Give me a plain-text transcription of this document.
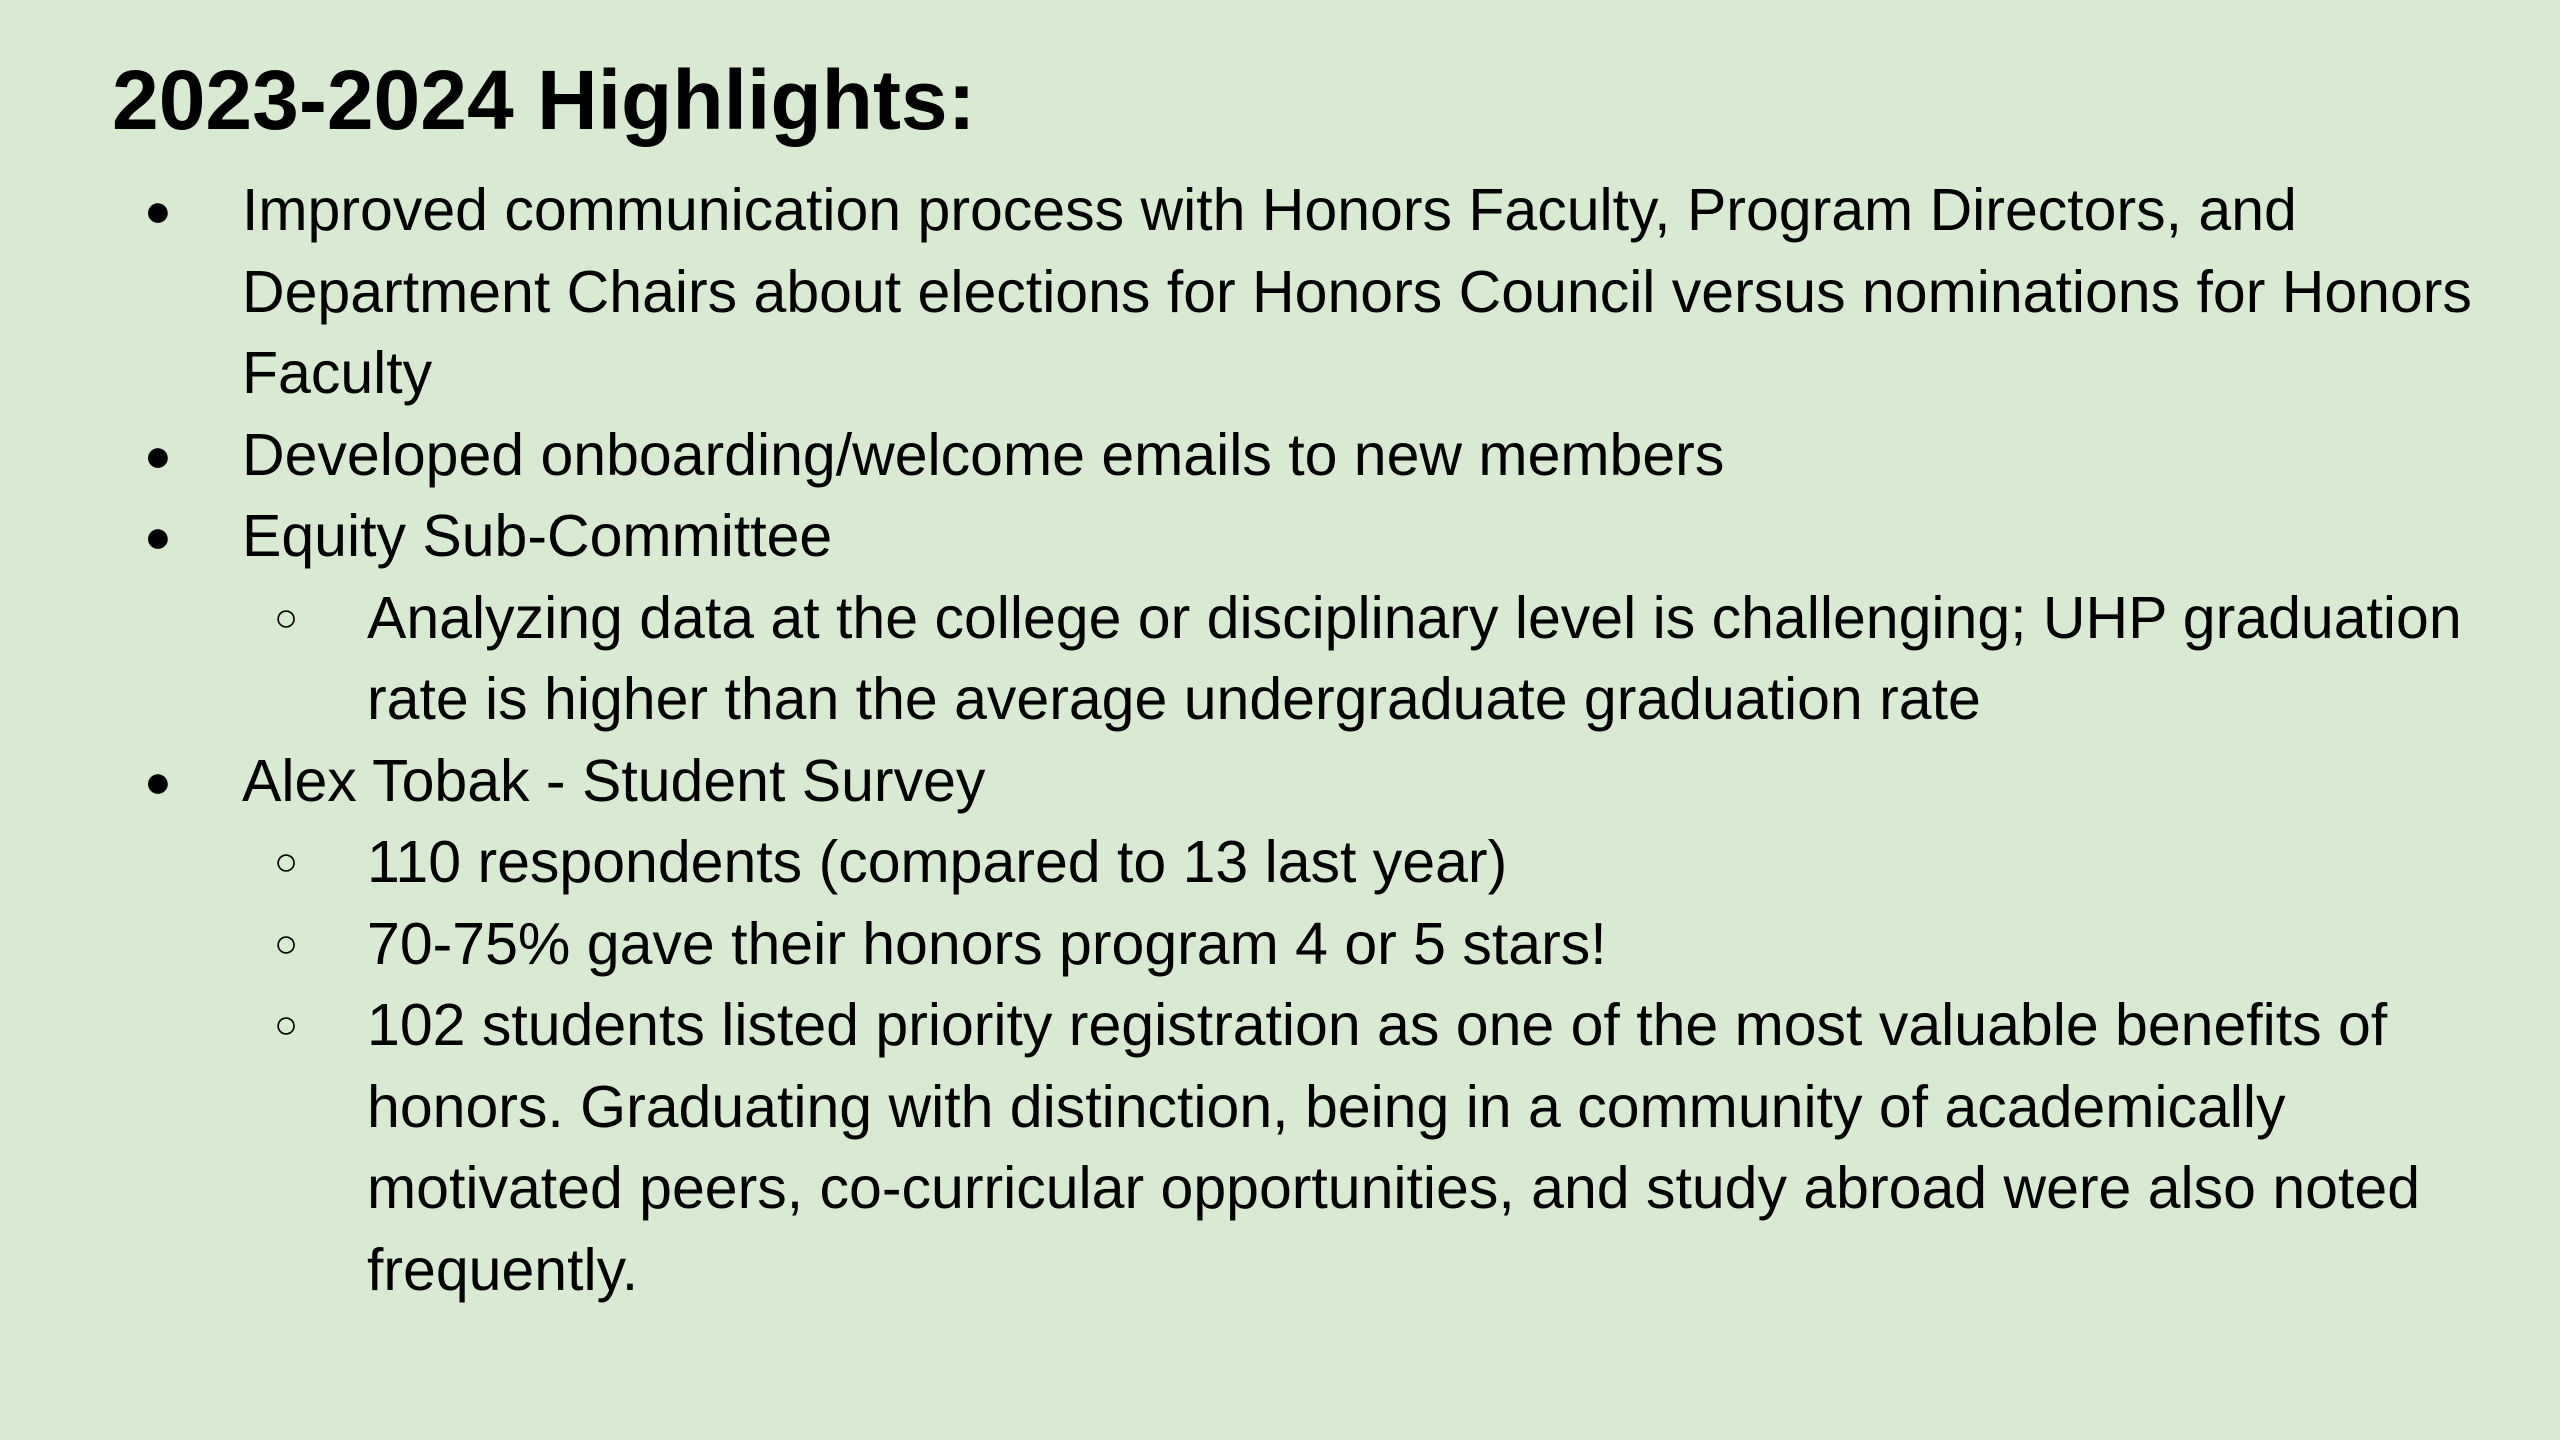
2023-2024 Highlights:
● Improved communication process with Honors Faculty, Program Directors, and Department Chairs about elections for Honors Council versus nominations for Honors Faculty
● Developed onboarding/welcome emails to new members
● Equity Sub-Committee
○ Analyzing data at the college or disciplinary level is challenging; UHP graduation rate is higher than the average undergraduate graduation rate
● Alex Tobak - Student Survey
○ 110 respondents (compared to 13 last year)
○ 70-75% gave their honors program 4 or 5 stars!
○ 102 students listed priority registration as one of the most valuable benefits of honors. Graduating with distinction, being in a community of academically motivated peers, co-curricular opportunities, and study abroad were also noted frequently.
